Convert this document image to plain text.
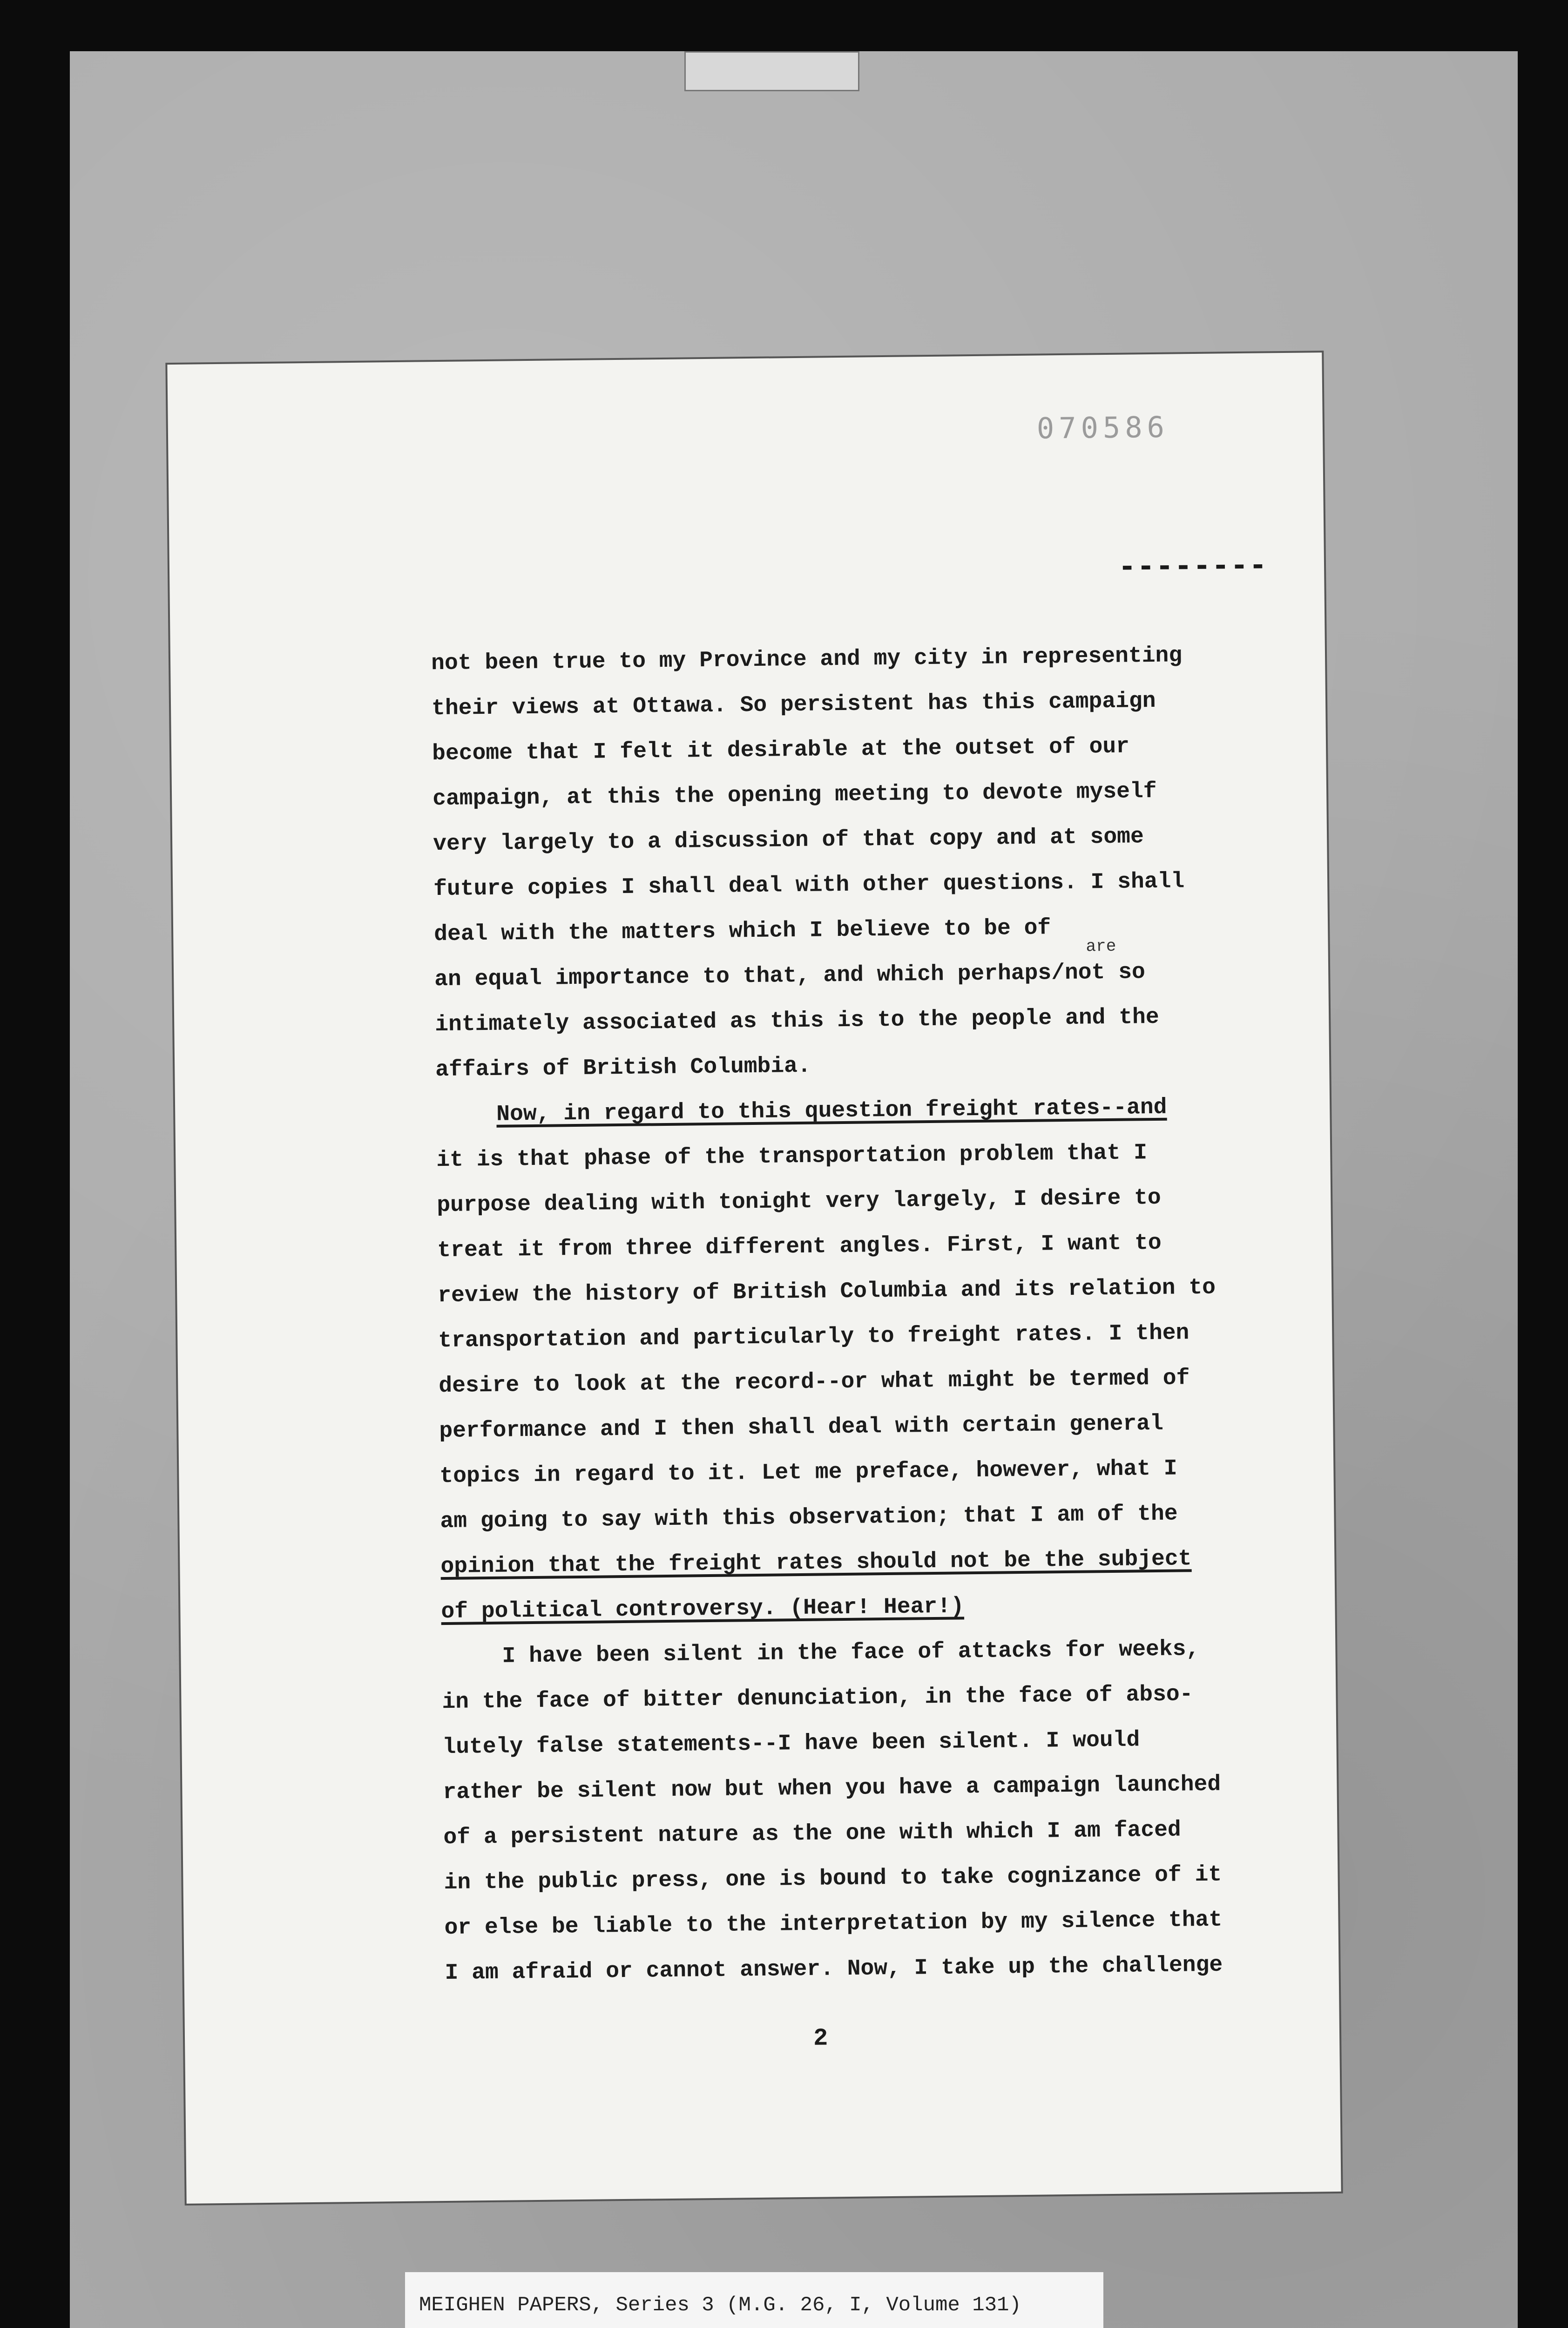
070586
--------
not been true to my Province and my city in representing
their views at Ottawa. So persistent has this campaign
become that I felt it desirable at the outset of our
campaign, at this the opening meeting to devote myself
very largely to a discussion of that copy and at some
future copies I shall deal with other questions. I shall
deal with the matters which I believe to be of
an equal importance to that, and which perhaps/not so
intimately associated as this is to the people and the
affairs of British Columbia.
Now, in regard to this question freight rates--and
it is that phase of the transportation problem that I
purpose dealing with tonight very largely, I desire to
treat it from three different angles. First, I want to
review the history of British Columbia and its relation to
transportation and particularly to freight rates. I then
desire to look at the record--or what might be termed of
performance and I then shall deal with certain general
topics in regard to it. Let me preface, however, what I
am going to say with this observation; that I am of the
opinion that the freight rates should not be the subject
of political controversy. (Hear! Hear!)
I have been silent in the face of attacks for weeks,
in the face of bitter denunciation, in the face of abso-
lutely false statements--I have been silent. I would
rather be silent now but when you have a campaign launched
of a persistent nature as the one with which I am faced
in the public press, one is bound to take cognizance of it
or else be liable to the interpretation by my silence that
I am afraid or cannot answer. Now, I take up the challenge
are
2
MEIGHEN PAPERS, Series 3 (M.G. 26, I, Volume 131)
